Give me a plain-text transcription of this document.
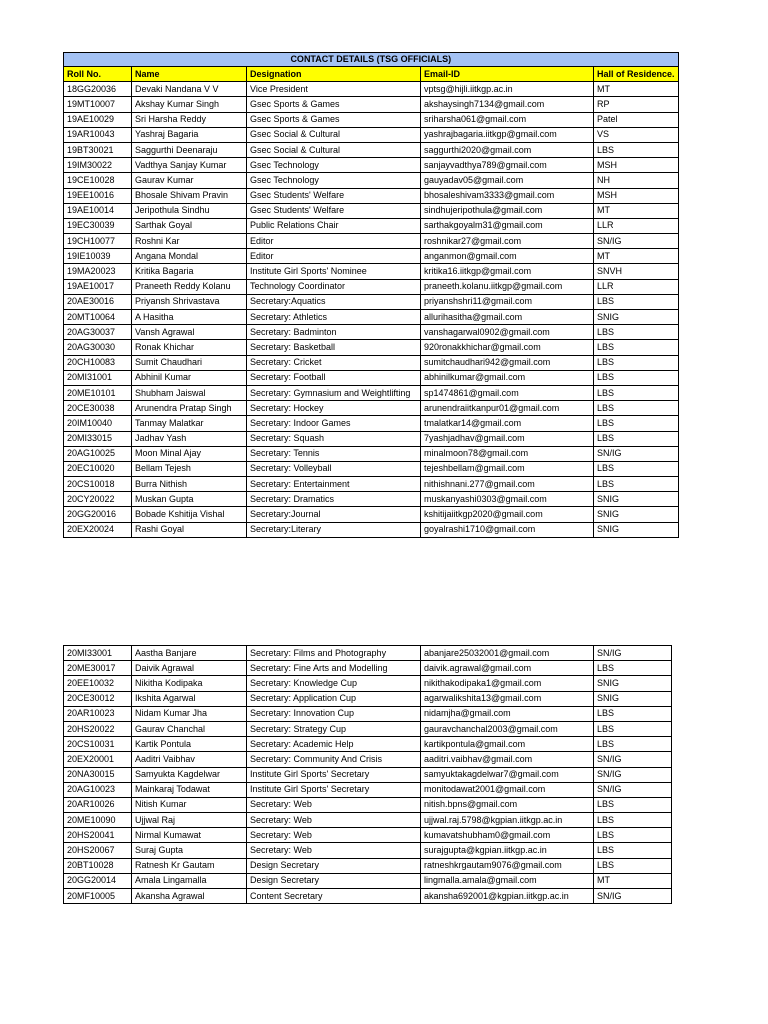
CONTACT DETAILS (TSG OFFICIALS)				
Roll No.	Name	Designation	Email-ID	Hall of Residence.
18GG20036	Devaki Nandana V V	Vice President	vptsg@hijli.iitkgp.ac.in	MT
19MT10007	Akshay Kumar Singh	Gsec Sports & Games	akshaysingh7134@gmail.com	RP
19AE10029	Sri Harsha Reddy	Gsec Sports & Games	sriharsha061@gmail.com	Patel
19AR10043	Yashraj Bagaria	Gsec Social & Cultural	yashrajbagaria.iitkgp@gmail.com	VS
19BT30021	Saggurthi Deenaraju	Gsec Social & Cultural	saggurthi2020@gmail.com	LBS
19IM30022	Vadthya Sanjay Kumar	Gsec Technology	sanjayvadthya789@gmail.com	MSH
19CE10028	Gaurav Kumar	Gsec Technology	gauyadav05@gmail.com	NH
19EE10016	Bhosale Shivam Pravin	Gsec Students' Welfare	bhosaleshivam3333@gmail.com	MSH
19AE10014	Jeripothula Sindhu	Gsec Students' Welfare	sindhujeripothula@gmail.com	MT
19EC30039	Sarthak Goyal	Public Relations Chair	sarthakgoyalm31@gmail.com	LLR
19CH10077	Roshni Kar	Editor	roshnikar27@gmail.com	SN/IG
19IE10039	Angana Mondal	Editor	anganmon@gmail.com	MT
19MA20023	Kritika Bagaria	Institute Girl Sports' Nominee	kritika16.iitkgp@gmail.com	SNVH
19AE10017	Praneeth Reddy Kolanu	Technology Coordinator	praneeth.kolanu.iitkgp@gmail.com	LLR
20AE30016	Priyansh Shrivastava	Secretary:Aquatics	priyanshshri11@gmail.com	LBS
20MT10064	A Hasitha	Secretary: Athletics	allurihasitha@gmail.com	SNIG
20AG30037	Vansh Agrawal	Secretary: Badminton	vanshagarwal0902@gmail.com	LBS
20AG30030	Ronak Khichar	Secretary: Basketball	920ronakkhichar@gmail.com	LBS
20CH10083	Sumit Chaudhari	Secretary: Cricket	sumitchaudhari942@gmail.com	LBS
20MI31001	Abhinil Kumar	Secretary: Football	abhinilkumar@gmail.com	LBS
20ME10101	Shubham Jaiswal	Secretary: Gymnasium and Weightlifting	sp1474861@gmail.com	LBS
20CE30038	Arunendra Pratap Singh	Secretary: Hockey	arunendraiitkanpur01@gmail.com	LBS
20IM10040	Tanmay Malatkar	Secretary: Indoor Games	tmalatkar14@gmail.com	LBS
20MI33015	Jadhav Yash	Secretary: Squash	7yashjadhav@gmail.com	LBS
20AG10025	Moon Minal Ajay	Secretary: Tennis	minalmoon78@gmail.com	SN/IG
20EC10020	Bellam Tejesh	Secretary: Volleyball	tejeshbellam@gmail.com	LBS
20CS10018	Burra Nithish	Secretary: Entertainment	nithishnani.277@gmail.com	LBS
20CY20022	Muskan Gupta	Secretary: Dramatics	muskanyashi0303@gmail.com	SNIG
20GG20016	Bobade Kshitija Vishal	Secretary:Journal	kshitijaiitkgp2020@gmail.com	SNIG
20EX20024	Rashi Goyal	Secretary:Literary	goyalrashi1710@gmail.com	SNIG
20MI33001	Aastha Banjare	Secretary: Films and Photography	abanjare25032001@gmail.com	SN/IG
20ME30017	Daivik Agrawal	Secretary: Fine Arts and Modelling	daivik.agrawal@gmail.com	LBS
20EE10032	Nikitha Kodipaka	Secretary: Knowledge Cup	nikithakodipaka1@gmail.com	SNIG
20CE30012	Ikshita Agarwal	Secretary: Application Cup	agarwalikshita13@gmail.com	SNIG
20AR10023	Nidam Kumar Jha	Secretary: Innovation Cup	nidamjha@gmail.com	LBS
20HS20022	Gaurav Chanchal	Secretary: Strategy Cup	gauravchanchal2003@gmail.com	LBS
20CS10031	Kartik Pontula	Secretary: Academic Help	kartikpontula@gmail.com	LBS
20EX20001	Aaditri Vaibhav	Secretary: Community And Crisis	aaditri.vaibhav@gmail.com	SN/IG
20NA30015	Samyukta Kagdelwar	Institute Girl Sports' Secretary	samyuktakagdelwar7@gmail.com	SN/IG
20AG10023	Mainkaraj Todawat	Institute Girl Sports' Secretary	monitodawat2001@gmail.com	SN/IG
20AR10026	Nitish Kumar	Secretary: Web	nitish.bpns@gmail.com	LBS
20ME10090	Ujjwal Raj	Secretary: Web	ujjwal.raj.5798@kgpian.iitkgp.ac.in	LBS
20HS20041	Nirmal Kumawat	Secretary: Web	kumavatshubham0@gmail.com	LBS
20HS20067	Suraj Gupta	Secretary: Web	surajgupta@kgpian.iitkgp.ac.in	LBS
20BT10028	Ratnesh Kr Gautam	Design Secretary	ratneshkrgautam9076@gmail.com	LBS
20GG20014	Amala Lingamalla	Design Secretary	lingmalla.amala@gmail.com	MT
20MF10005	Akansha Agrawal	Content Secretary	akansha692001@kgpian.iitkgp.ac.in	SN/IG
